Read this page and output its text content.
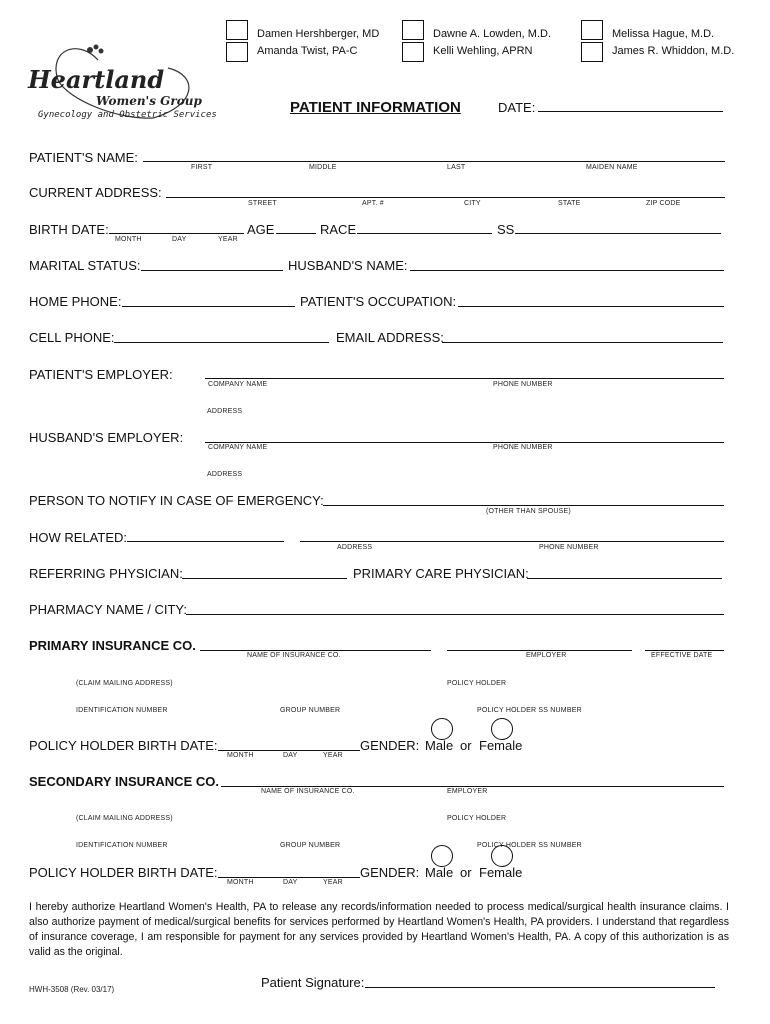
Damen Hershberger, MD
Amanda Twist, PA-C
Dawne A. Lowden, M.D.
Kelli Wehling, APRN
Melissa Hague, M.D.
James R. Whiddon, M.D.
Heartland
Women's Group
Gynecology and Obstetric Services	PATIENT INFORMATION	DATE:
PATIENT'S NAME:
FIRST	MIDDLE	LAST	MAIDEN NAME
CURRENT ADDRESS:
STREET	APT. #	CITY	STATE	ZIP CODE
BIRTH DATE:
MONTH	DAY	YEAR
AGE	RACE	SS
MARITAL STATUS:	HUSBAND'S NAME:
HOME PHONE:	PATIENT'S OCCUPATION:
CELL PHONE:	EMAIL ADDRESS:
PATIENT'S EMPLOYER:
COMPANY NAME	PHONE NUMBER
ADDRESS
HUSBAND'S EMPLOYER:
COMPANY NAME	PHONE NUMBER
ADDRESS
PERSON TO NOTIFY IN CASE OF EMERGENCY:
(OTHER THAN SPOUSE)
HOW RELATED:
ADDRESS	PHONE NUMBER
REFERRING PHYSICIAN:	PRIMARY CARE PHYSICIAN:
PHARMACY NAME / CITY:
PRIMARY INSURANCE CO.
NAME OF INSURANCE CO.	EMPLOYER	EFFECTIVE DATE
(CLAIM MAILING ADDRESS)	POLICY HOLDER
IDENTIFICATION NUMBER	GROUP NUMBER	POLICY HOLDER SS NUMBER
POLICY HOLDER BIRTH DATE:
MONTH	DAY	YEAR
GENDER: Male or Female
SECONDARY INSURANCE CO.
NAME OF INSURANCE CO.	EMPLOYER
(CLAIM MAILING ADDRESS)	POLICY HOLDER
IDENTIFICATION NUMBER	GROUP NUMBER	POLICY HOLDER SS NUMBER
POLICY HOLDER BIRTH DATE:
MONTH	DAY	YEAR
GENDER: Male or Female
I hereby authorize Heartland Women's Health, PA to release any records/information needed to process medical/surgical health insurance claims. I also authorize payment of medical/surgical benefits for services performed by Heartland Women's Health, PA providers. I understand that regardless of insurance coverage, I am responsible for payment for any services provided by Heartland Women's Health, PA. A copy of this authorization is as valid as the original.
Patient Signature:
HWH-3508 (Rev. 03/17)
